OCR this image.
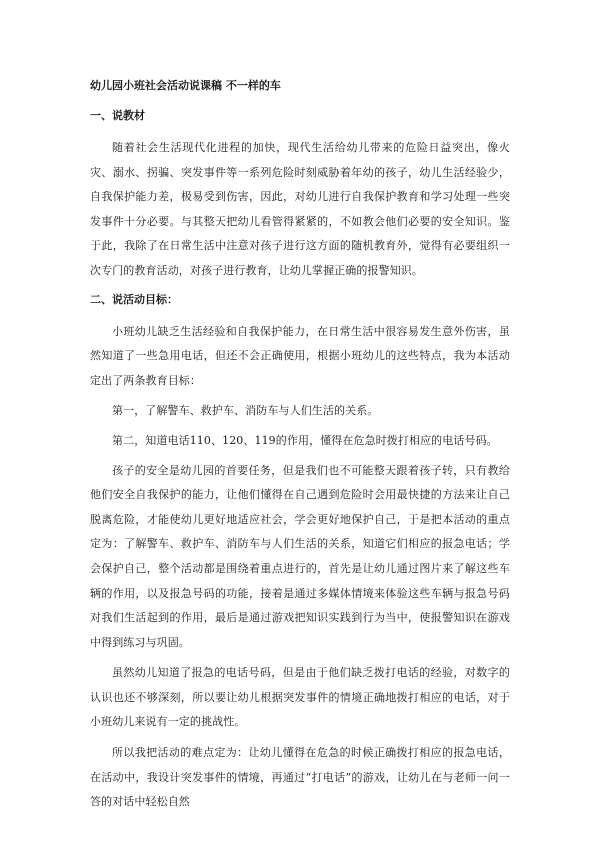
幼儿园小班社会活动说课稿 不一样的车
一、说教材

随着社会生活现代化进程的加快，现代生活给幼儿带来的危险日益突出，像火灾、溺水、拐骗、突发事件等一系列危险时刻威胁着年幼的孩子，幼儿生活经验少，自我保护能力差，极易受到伤害，因此，对幼儿进行自我保护教育和学习处理一些突发事件十分必要。与其整天把幼儿看管得紧紧的，不如教会他们必要的安全知识。鉴于此，我除了在日常生活中注意对孩子进行这方面的随机教育外，觉得有必要组织一次专门的教育活动，对孩子进行教育，让幼儿掌握正确的报警知识。

二、说活动目标：

小班幼儿缺乏生活经验和自我保护能力，在日常生活中很容易发生意外伤害，虽然知道了一些急用电话，但还不会正确使用，根据小班幼儿的这些特点，我为本活动定出了两条教育目标：

第一，了解警车、救护车、消防车与人们生活的关系。

第二，知道电话110、120、119的作用，懂得在危急时拨打相应的电话号码。

孩子的安全是幼儿园的首要任务，但是我们也不可能整天跟着孩子转，只有教给他们安全自我保护的能力，让他们懂得在自己遇到危险时会用最快捷的方法来让自己脱离危险，才能使幼儿更好地适应社会，学会更好地保护自己，于是把本活动的重点定为：了解警车、救护车、消防车与人们生活的关系，知道它们相应的报急电话；学会保护自己，整个活动都是围绕着重点进行的，首先是让幼儿通过图片来了解这些车辆的作用，以及报急号码的功能，接着是通过多媒体情境来体验这些车辆与报急号码对我们生活起到的作用，最后是通过游戏把知识实践到行为当中，使报警知识在游戏中得到练习与巩固。

虽然幼儿知道了报急的电话号码，但是由于他们缺乏拨打电话的经验，对数字的认识也还不够深刻，所以要让幼儿根据突发事件的情境正确地拨打相应的电话，对于小班幼儿来说有一定的挑战性。

所以我把活动的难点定为：让幼儿懂得在危急的时候正确拨打相应的报急电话，在活动中，我设计突发事件的情境，再通过“打电话”的游戏，让幼儿在与老师一问一答的对话中轻松自然
